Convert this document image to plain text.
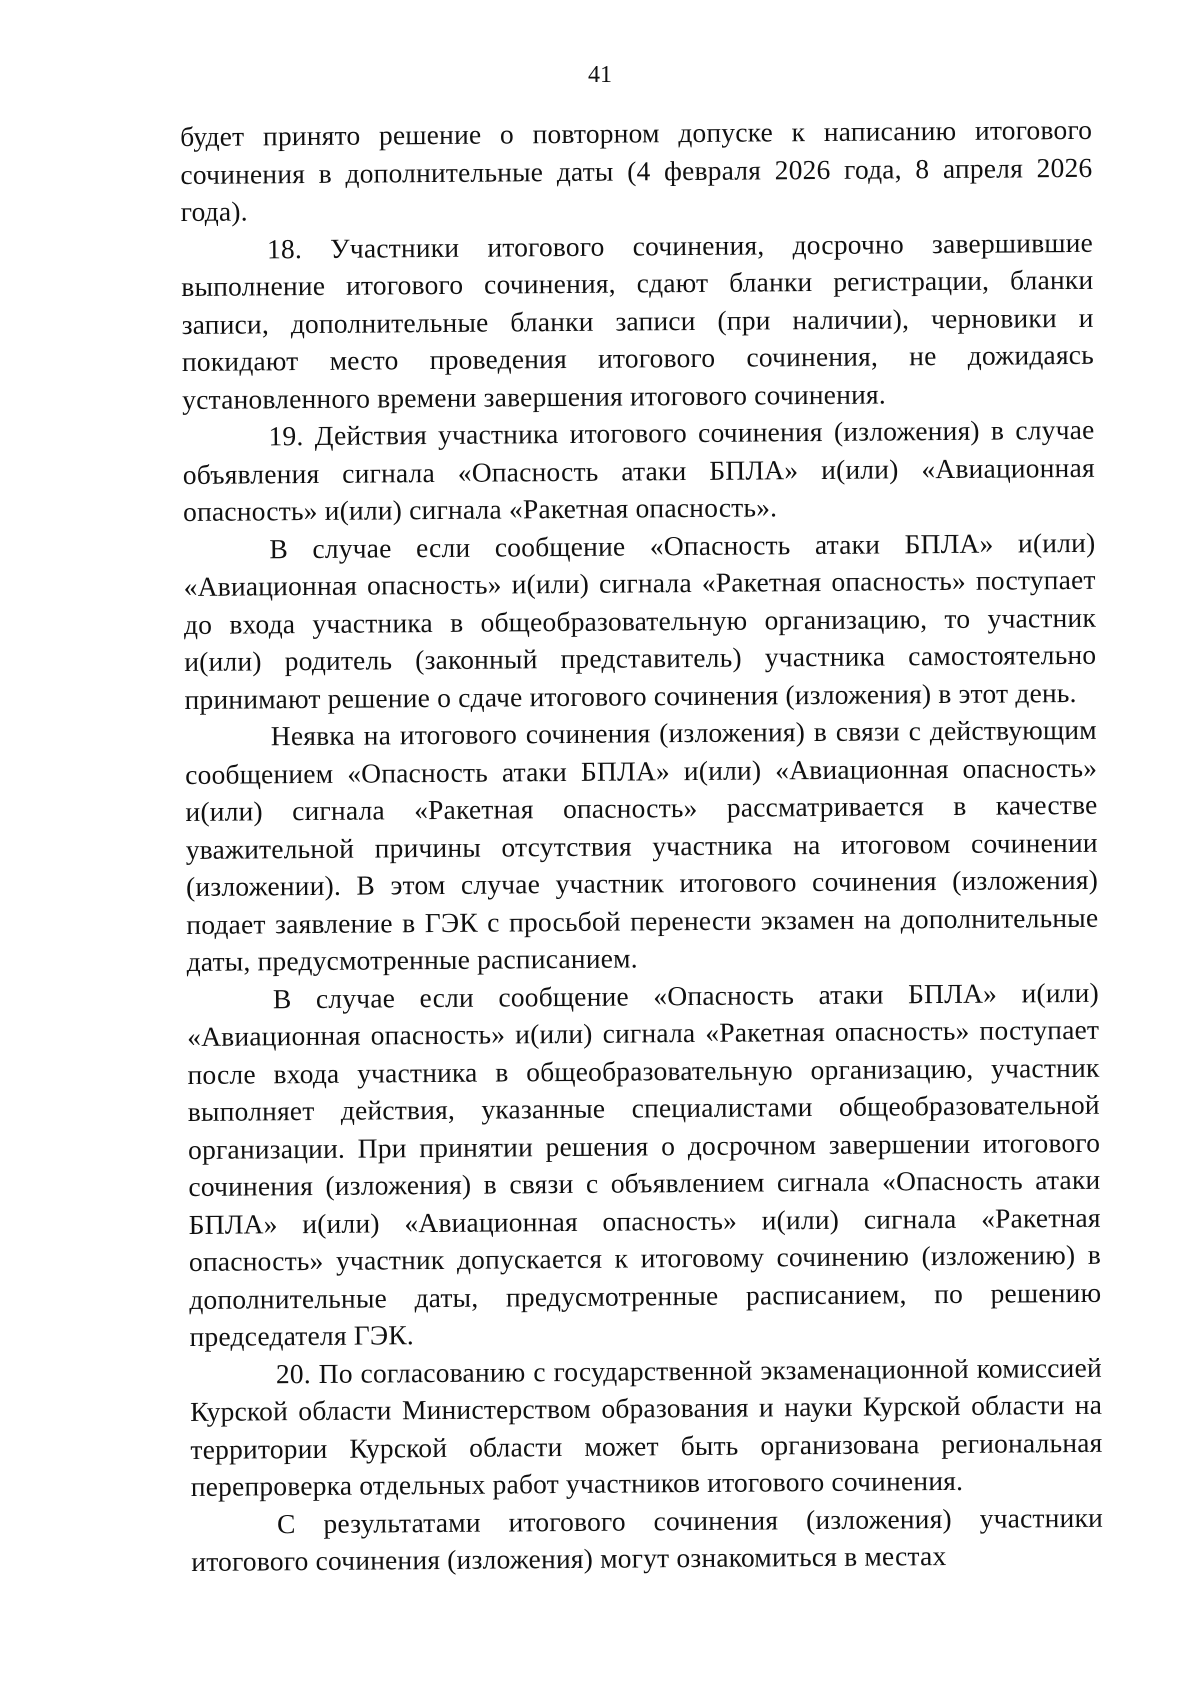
41

будет принято решение о повторном допуске к написанию итогового сочинения в дополнительные даты (4 февраля 2026 года, 8 апреля 2026 года).

18. Участники итогового сочинения, досрочно завершившие выполнение итогового сочинения, сдают бланки регистрации, бланки записи, дополнительные бланки записи (при наличии), черновики и покидают место проведения итогового сочинения, не дожидаясь установленного времени завершения итогового сочинения.

19. Действия участника итогового сочинения (изложения) в случае объявления сигнала «Опасность атаки БПЛА» и(или) «Авиационная опасность» и(или) сигнала «Ракетная опасность».

В случае если сообщение «Опасность атаки БПЛА» и(или) «Авиационная опасность» и(или) сигнала «Ракетная опасность» поступает до входа участника в общеобразовательную организацию, то участник и(или) родитель (законный представитель) участника самостоятельно принимают решение о сдаче итогового сочинения (изложения) в этот день.

Неявка на итогового сочинения (изложения) в связи с действующим сообщением «Опасность атаки БПЛА» и(или) «Авиационная опасность» и(или) сигнала «Ракетная опасность» рассматривается в качестве уважительной причины отсутствия участника на итоговом сочинении (изложении). В этом случае участник итогового сочинения (изложения) подает заявление в ГЭК с просьбой перенести экзамен на дополнительные даты, предусмотренные расписанием.

В случае если сообщение «Опасность атаки БПЛА» и(или) «Авиационная опасность» и(или) сигнала «Ракетная опасность» поступает после входа участника в общеобразовательную организацию, участник выполняет действия, указанные специалистами общеобразовательной организации. При принятии решения о досрочном завершении итогового сочинения (изложения) в связи с объявлением сигнала «Опасность атаки БПЛА» и(или) «Авиационная опасность» и(или) сигнала «Ракетная опасность» участник допускается к итоговому сочинению (изложению) в дополнительные даты, предусмотренные расписанием, по решению председателя ГЭК.

20. По согласованию с государственной экзаменационной комиссией Курской области Министерством образования и науки Курской области на территории Курской области может быть организована региональная перепроверка отдельных работ участников итогового сочинения.

С результатами итогового сочинения (изложения) участники итогового сочинения (изложения) могут ознакомиться в местах
